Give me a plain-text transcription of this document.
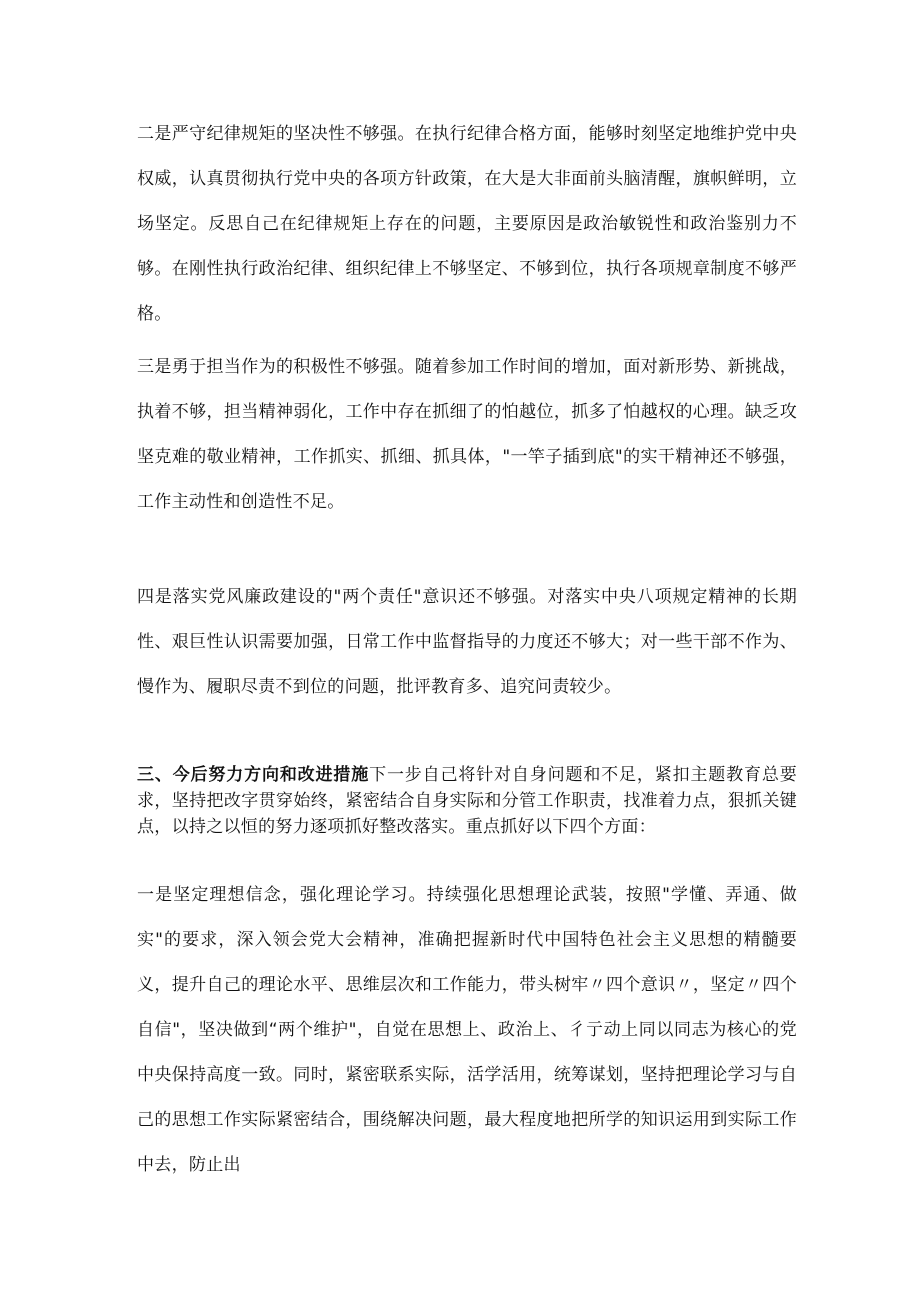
二是严守纪律规矩的坚决性不够强。在执行纪律合格方面，能够时刻坚定地维护党中央权威，认真贯彻执行党中央的各项方针政策，在大是大非面前头脑清醒，旗帜鲜明，立场坚定。反思自己在纪律规矩上存在的问题，主要原因是政治敏锐性和政治鉴别力不够。在刚性执行政治纪律、组织纪律上不够坚定、不够到位，执行各项规章制度不够严格。

三是勇于担当作为的积极性不够强。随着参加工作时间的增加，面对新形势、新挑战，执着不够，担当精神弱化，工作中存在抓细了的怕越位，抓多了怕越权的心理。缺乏攻坚克难的敬业精神，工作抓实、抓细、抓具体，"一竿子插到底"的实干精神还不够强，工作主动性和创造性不足。

四是落实党风廉政建设的"两个责任"意识还不够强。对落实中央八项规定精神的长期性、艰巨性认识需要加强，日常工作中监督指导的力度还不够大；对一些干部不作为、慢作为、履职尽责不到位的问题，批评教育多、追究问责较少。

三、今后努力方向和改进措施下一步自己将针对自身问题和不足，紧扣主题教育总要求，坚持把改字贯穿始终，紧密结合自身实际和分管工作职责，找准着力点，狠抓关键点，以持之以恒的努力逐项抓好整改落实。重点抓好以下四个方面：

一是坚定理想信念，强化理论学习。持续强化思想理论武装，按照"学懂、弄通、做实"的要求，深入领会党大会精神，准确把握新时代中国特色社会主义思想的精髓要义，提升自己的理论水平、思维层次和工作能力，带头树牢〃四个意识〃，坚定〃四个自信"，坚决做到“两个维护"，自觉在思想上、政治上、彳亍动上同以同志为核心的党中央保持高度一致。同时，紧密联系实际，活学活用，统筹谋划，坚持把理论学习与自己的思想工作实际紧密结合，围绕解决问题，最大程度地把所学的知识运用到实际工作中去，防止出
